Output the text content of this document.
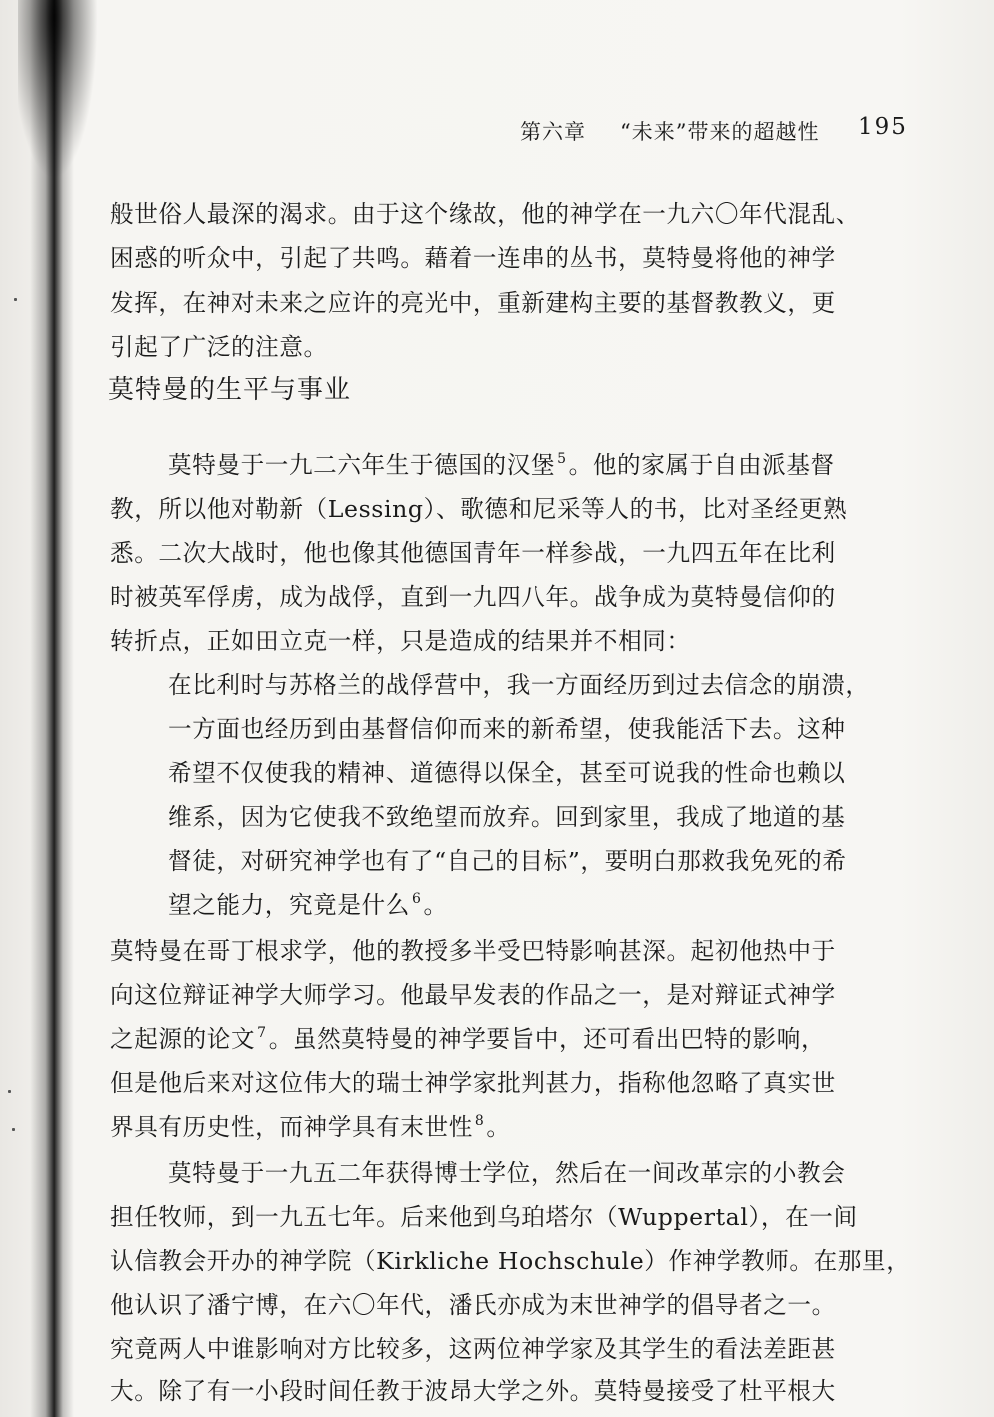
第六章 “未来”带来的超越性 195
般世俗人最深的渴求。由于这个缘故，他的神学在一九六〇年代混乱、
困惑的听众中，引起了共鸣。藉着一连串的丛书，莫特曼将他的神学
发挥，在神对未来之应许的亮光中，重新建构主要的基督教教义，更
引起了广泛的注意。
莫特曼的生平与事业
莫特曼于一九二六年生于德国的汉堡 $^5$。他的家属于自由派基督
教，所以他对勒新（Lessing）、歌德和尼采等人的书，比对圣经更熟
悉。二次大战时，他也像其他德国青年一样参战，一九四五年在比利
时被英军俘虏，成为战俘，直到一九四八年。战争成为莫特曼信仰的
转折点，正如田立克一样，只是造成的结果并不相同：
在比利时与苏格兰的战俘营中，我一方面经历到过去信念的崩溃，
一方面也经历到由基督信仰而来的新希望，使我能活下去。这种
希望不仅使我的精神、道德得以保全，甚至可说我的性命也赖以
维系，因为它使我不致绝望而放弃。回到家里，我成了地道的基
督徒，对研究神学也有了“自己的目标”，要明白那救我免死的希
望之能力，究竟是什么 $^6$。
莫特曼在哥丁根求学，他的教授多半受巴特影响甚深。起初他热中于
向这位辩证神学大师学习。他最早发表的作品之一，是对辩证式神学
之起源的论文 $^7$。虽然莫特曼的神学要旨中，还可看出巴特的影响，
但是他后来对这位伟大的瑞士神学家批判甚力，指称他忽略了真实世
界具有历史性，而神学具有末世性 $^8$。
莫特曼于一九五二年获得博士学位，然后在一间改革宗的小教会
担任牧师，到一九五七年。后来他到乌珀塔尔（Wuppertal），在一间
认信教会开办的神学院（Kirkliche Hochschule）作神学教师。在那里，
他认识了潘宁博，在六〇年代，潘氏亦成为末世神学的倡导者之一。
究竟两人中谁影响对方比较多，这两位神学家及其学生的看法差距甚
大。除了有一小段时间任教于波昂大学之外。莫特曼接受了杜平根大
